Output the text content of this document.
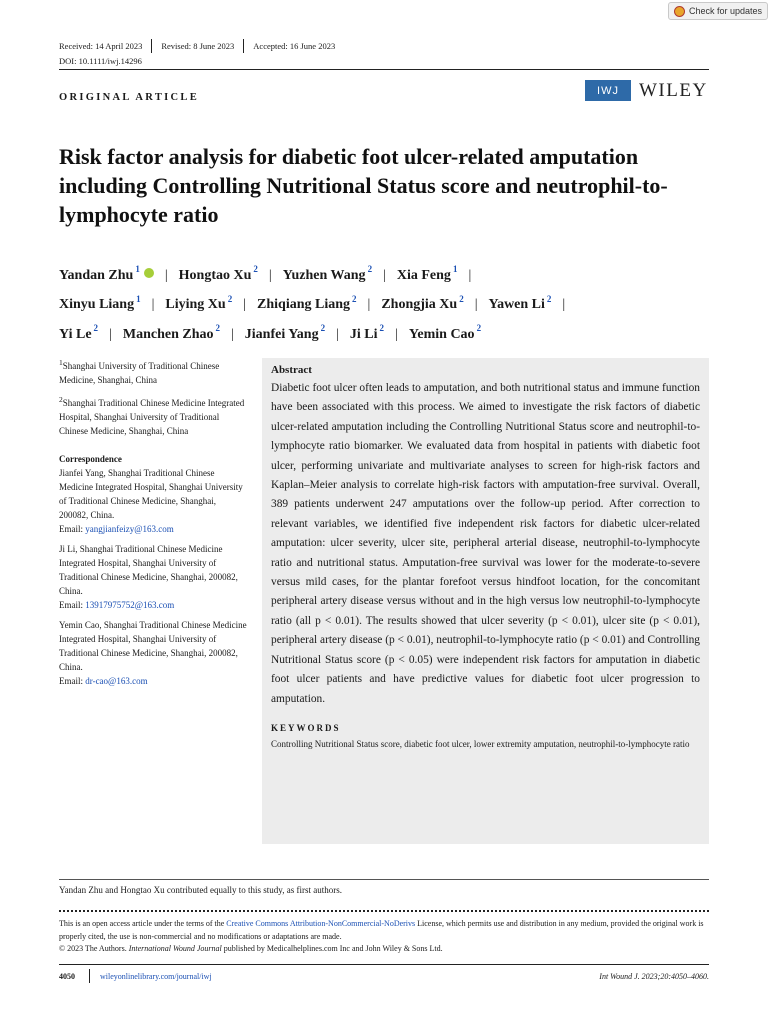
Check for updates
Received: 14 April 2023 Revised: 8 June 2023 Accepted: 16 June 2023
DOI: 10.1111/iwj.14296
ORIGINAL ARTICLE
IWJ	WILEY
Risk factor analysis for diabetic foot ulcer-related amputation including Controlling Nutritional Status score and neutrophil-to-lymphocyte ratio
Yandan Zhu $^1$ | Hongtao Xu $^2$ | Yuzhen Wang $^2$ | Xia Feng $^1$ |
Xinyu Liang $^1$ | Liying Xu $^2$ | Zhiqiang Liang $^2$ | Zhongjia Xu $^2$ | Yawen Li $^2$ |
Yi Le $^2$ | Manchen Zhao $^2$ | Jianfei Yang $^2$ | Ji Li $^2$ | Yemin Cao $^2$

$^1$Shanghai University of Traditional Chinese Medicine, Shanghai, China

$^2$Shanghai Traditional Chinese Medicine Integrated Hospital, Shanghai University of Traditional Chinese Medicine, Shanghai, China

Correspondence

Jianfei Yang, Shanghai Traditional Chinese Medicine Integrated Hospital, Shanghai University of Traditional Chinese Medicine, Shanghai, 200082, China.
Email: yangjianfeizy@163.com

Ji Li, Shanghai Traditional Chinese Medicine Integrated Hospital, Shanghai University of Traditional Chinese Medicine, Shanghai, 200082, China.
Email: 13917975752@163.com

Yemin Cao, Shanghai Traditional Chinese Medicine Integrated Hospital, Shanghai University of Traditional Chinese Medicine, Shanghai, 200082, China.
Email: dr-cao@163.com

Abstract
Diabetic foot ulcer often leads to amputation, and both nutritional status and immune function have been associated with this process. We aimed to investigate the risk factors of diabetic ulcer-related amputation including the Controlling Nutritional Status score and neutrophil-to-lymphocyte ratio biomarker. We evaluated data from hospital in patients with diabetic foot ulcer, performing univariate and multivariate analyses to screen for high-risk factors and Kaplan–Meier analysis to correlate high-risk factors with amputation-free survival. Overall, 389 patients underwent 247 amputations over the follow-up period. After correction to relevant variables, we identified five independent risk factors for diabetic ulcer-related amputation: ulcer severity, ulcer site, peripheral arterial disease, neutrophil-to-lymphocyte ratio and nutritional status. Amputation-free survival was lower for the moderate-to-severe versus mild cases, for the plantar forefoot versus hindfoot location, for the concomitant peripheral artery disease versus without and in the high versus low neutrophil-to-lymphocyte ratio (all p < 0.01). The results showed that ulcer severity (p < 0.01), ulcer site (p < 0.01), peripheral artery disease (p < 0.01), neutrophil-to-lymphocyte ratio (p < 0.01) and Controlling Nutritional Status score (p < 0.05) were independent risk factors for amputation in diabetic foot ulcer patients and have predictive values for diabetic foot ulcer progression to amputation.
KEYWORDS
Controlling Nutritional Status score, diabetic foot ulcer, lower extremity amputation, neutrophil-to-lymphocyte ratio
Yandan Zhu and Hongtao Xu contributed equally to this study, as first authors.
This is an open access article under the terms of the Creative Commons Attribution-NonCommercial-NoDerivs License, which permits use and distribution in any medium, provided the original work is properly cited, the use is non-commercial and no modifications or adaptations are made.
© 2023 The Authors. International Wound Journal published by Medicalhelplines.com Inc and John Wiley & Sons Ltd.
4050	wileyonlinelibrary.com/journal/iwj	Int Wound J. 2023;20:4050–4060.
